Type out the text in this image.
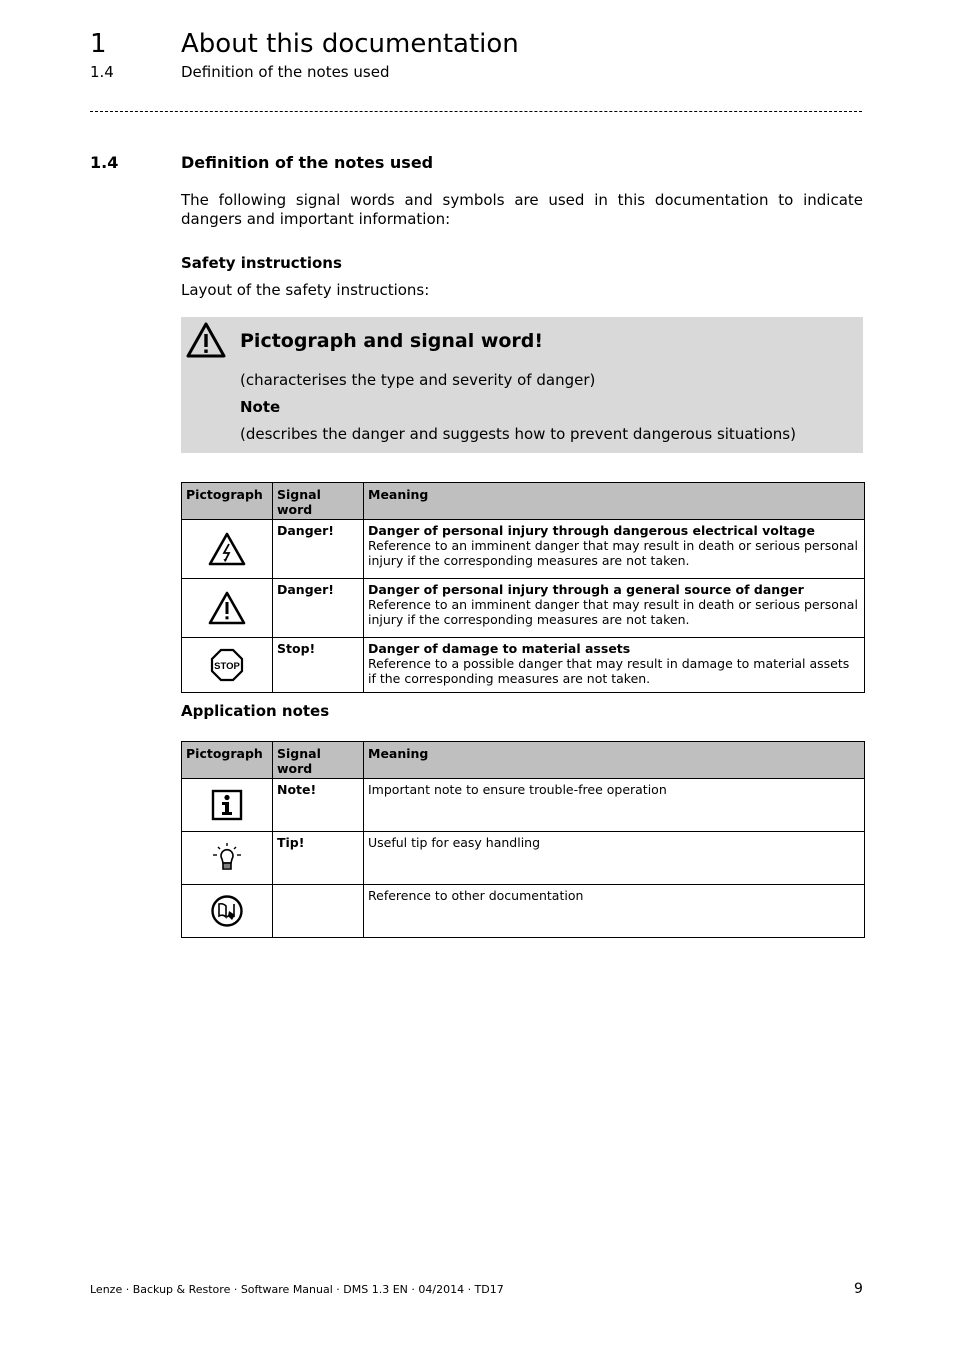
1	About this documentation
1.4	Definition of the notes used
1.4	Definition of the notes used
The following signal words and symbols are used in this documentation to indicate dangers and important information:
Safety instructions
Layout of the safety instructions:
Pictograph and signal word!
(characterises the type and severity of danger)
Note
(describes the danger and suggests how to prevent dangerous situations)
Pictograph	Signal word	Meaning

	Danger!	Danger of personal injury through dangerous electrical voltage
Reference to an imminent danger that may result in death or serious personal injury if the corresponding measures are not taken.

	Danger!	Danger of personal injury through a general source of danger
Reference to an imminent danger that may result in death or serious personal injury if the corresponding measures are not taken.

STOP	Stop!	Danger of damage to material assets
Reference to a possible danger that may result in damage to material assets if the corresponding measures are not taken.
Application notes
Pictograph	Signal word	Meaning

	Note!	Important note to ensure trouble-free operation

	Tip!	Useful tip for easy handling

		Reference to other documentation
Lenze · Backup & Restore · Software Manual · DMS 1.3 EN · 04/2014 · TD17	9
